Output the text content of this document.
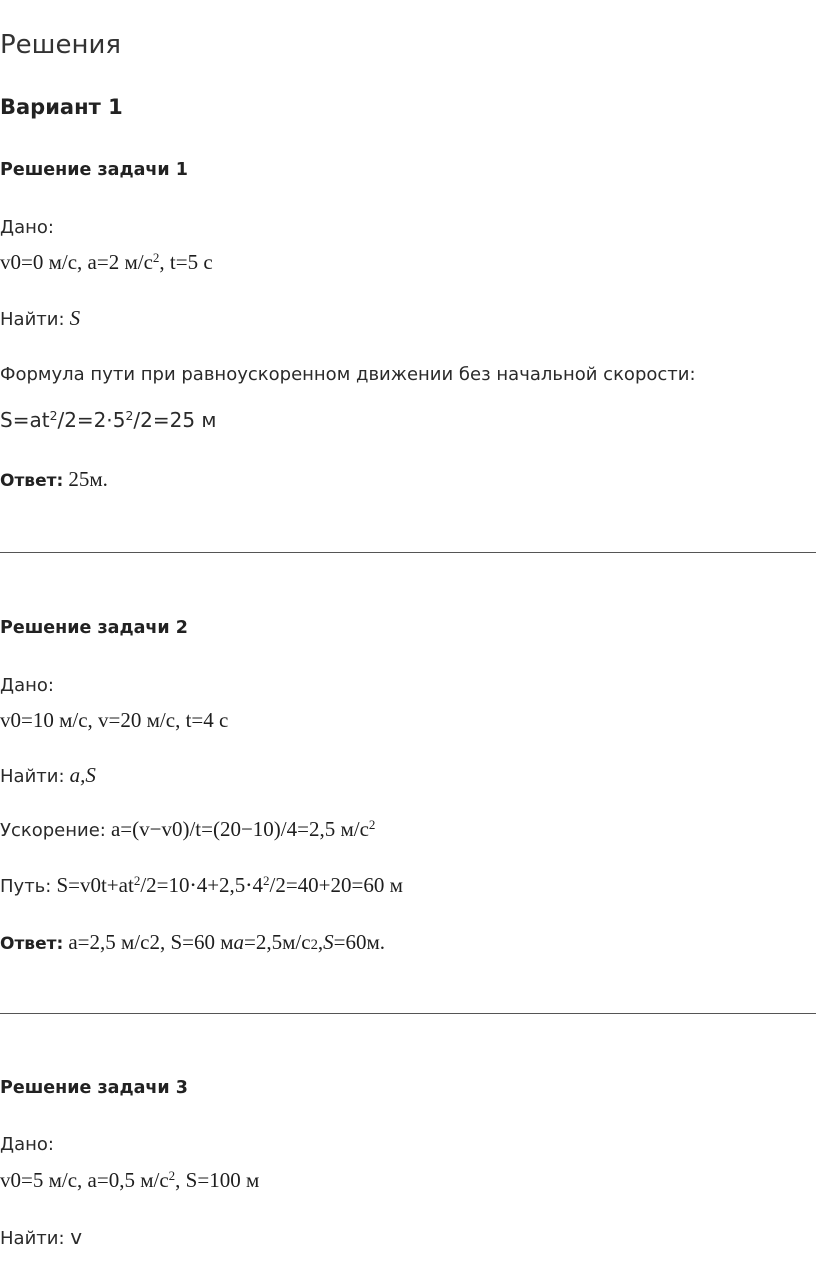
Решения
Вариант 1
Решение задачи 1
Дано:
v0=0 м/с, a=2 $м/с^2$, t=5 с
Найти: S
Формула пути при равноускоренном движении без начальной скорости:
$S=at^2/2=2\cdot 5^2/2=25$ м
Ответ: 25м.
Решение задачи 2
Дано:
v0=10 м/с, v=20 м/с, t=4 с
Найти: a,S
Ускорение: a=(v−v0)/t=(20−10)/4=2,5 $м/с^2$
Путь: $S=v0t+at^2/2=10\cdot 4+2,5\cdot 4^2/2=40+20=60$ м
Ответ: a=2,5 м/с2, S=60 мa=2,5м/с2,S=60м.
Решение задачи 3
Дано:
v0=5 м/с, a=0,5 $м/с^2$, S=100 м
Найти: v
